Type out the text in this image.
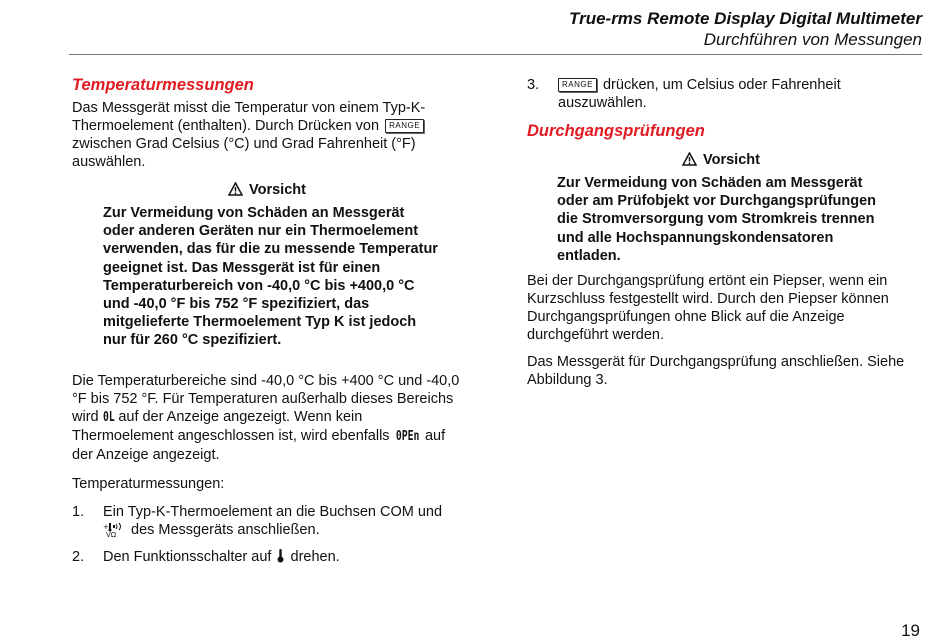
True-rms Remote Display Digital Multimeter
Durchführen von Messungen
Temperaturmessungen

Das Messgerät misst die Temperatur von einem Typ-K-Thermoelement (enthalten). Durch Drücken von RANGE zwischen Grad Celsius (°C) und Grad Fahrenheit (°F) auswählen.

Vorsicht

Zur Vermeidung von Schäden an Messgerät oder anderen Geräten nur ein Thermoelement verwenden, das für die zu messende Temperatur geeignet ist. Das Messgerät ist für einen Temperaturbereich von -40,0 °C bis +400,0 °C und -40,0 °F bis 752 °F spezifiziert, das mitgelieferte Thermoelement Typ K ist jedoch nur für 260 °C spezifiziert.

Die Temperaturbereiche sind -40,0 °C bis +400 °C und -40,0 °F bis 752 °F. Für Temperaturen außerhalb dieses Bereichs wird 0L auf der Anzeige angezeigt. Wenn kein Thermoelement angeschlossen ist, wird ebenfalls 0PEn auf der Anzeige angezeigt.

Temperaturmessungen:

1. Ein Typ-K-Thermoelement an die Buchsen COM und

+
VΩ des Messgeräts anschließen.
2. Den Funktionsschalter auf drehen.
3.	RANGE drücken, um Celsius oder Fahrenheit auszuwählen.
Durchgangsprüfungen
Vorsicht

Zur Vermeidung von Schäden am Messgerät oder am Prüfobjekt vor Durchgangsprüfungen die Stromversorgung vom Stromkreis trennen und alle Hochspannungskondensatoren entladen.

Bei der Durchgangsprüfung ertönt ein Piepser, wenn ein Kurzschluss festgestellt wird. Durch den Piepser können Durchgangsprüfungen ohne Blick auf die Anzeige durchgeführt werden.

Das Messgerät für Durchgangsprüfung anschließen. Siehe Abbildung 3.

19
